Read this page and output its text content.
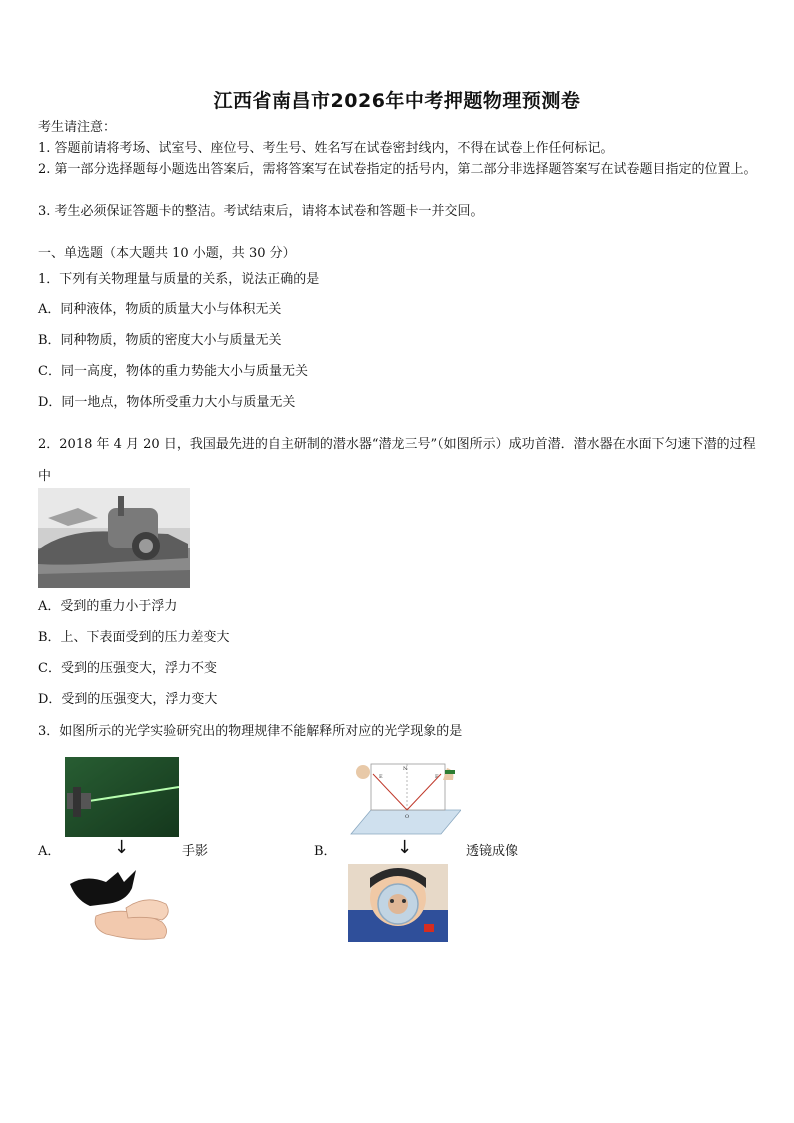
江西省南昌市2026年中考押题物理预测卷
考生请注意：
1. 答题前请将考场、试室号、座位号、考生号、姓名写在试卷密封线内，不得在试卷上作任何标记。
2. 第一部分选择题每小题选出答案后，需将答案写在试卷指定的括号内，第二部分非选择题答案写在试卷题目指定的位置上。
3. 考生必须保证答题卡的整洁。考试结束后，请将本试卷和答题卡一并交回。
一、单选题（本大题共 10 小题，共 30 分）
1．下列有关物理量与质量的关系，说法正确的是
A．同种液体，物质的质量大小与体积无关
B．同种物质，物质的密度大小与质量无关
C．同一高度，物体的重力势能大小与质量无关
D．同一地点，物体所受重力大小与质量无关
2．2018 年 4 月 20 日，我国最先进的自主研制的潜水器“潜龙三号”（如图所示）成功首潜．潜水器在水面下匀速下潜的过程中
A．受到的重力小于浮力
B．上、下表面受到的压力差变大
C．受到的压强变大，浮力不变
D．受到的压强变大，浮力变大
3．如图所示的光学实验研究出的物理规律不能解释所对应的光学现象的是
E
N
F
O
A．	↓	手影	B．	↓	透镜成像
